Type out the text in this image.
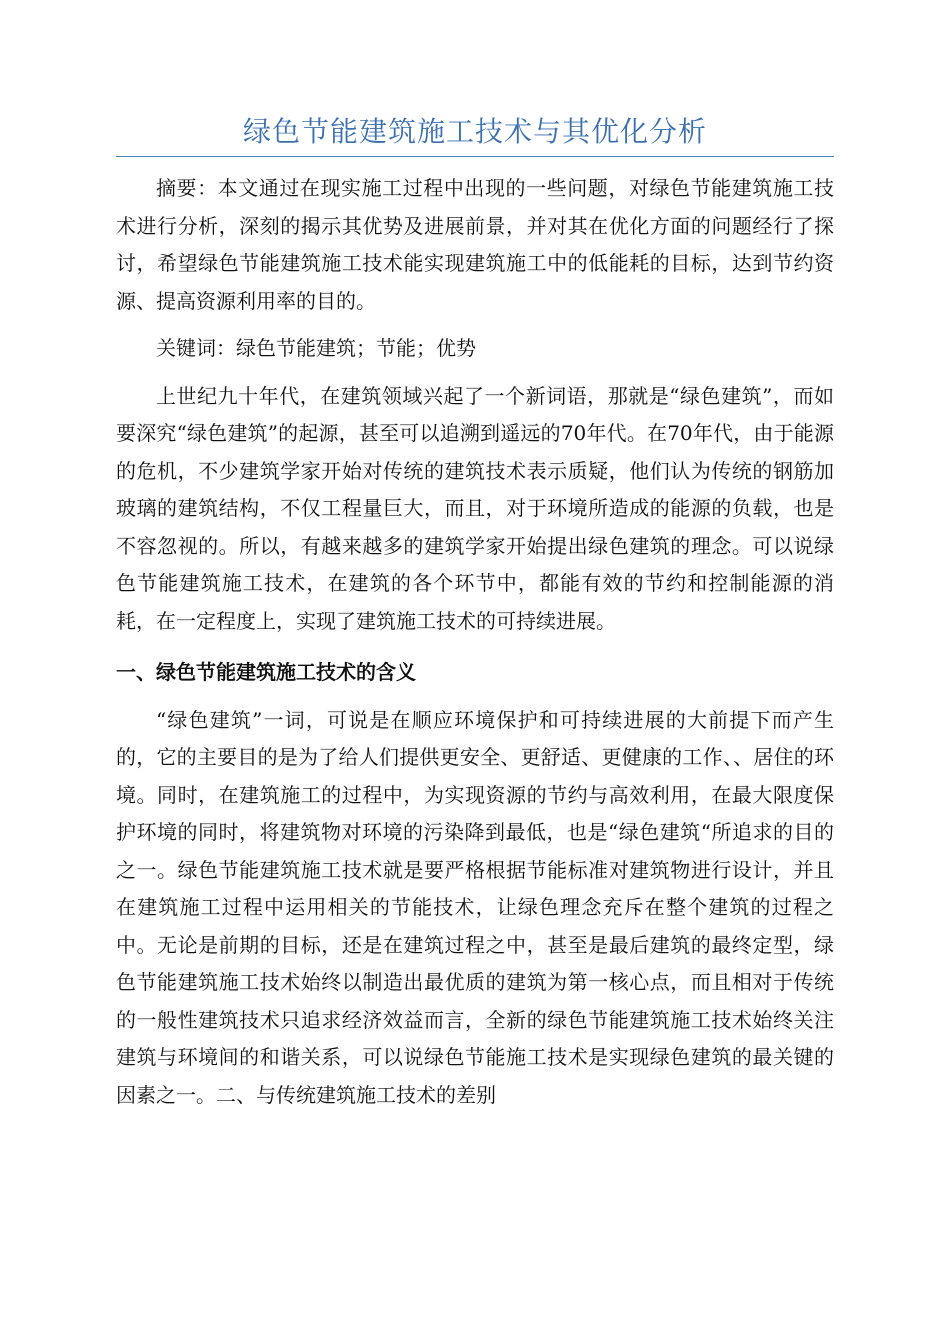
绿色节能建筑施工技术与其优化分析

摘要：本文通过在现实施工过程中出现的一些问题，对绿色节能建筑施工技术进行分析，深刻的揭示其优势及进展前景，并对其在优化方面的问题经行了探讨，希望绿色节能建筑施工技术能实现建筑施工中的低能耗的目标，达到节约资源、提高资源利用率的目的。

关键词：绿色节能建筑；节能；优势

上世纪九十年代，在建筑领域兴起了一个新词语，那就是“绿色建筑”，而如要深究“绿色建筑”的起源，甚至可以追溯到遥远的70年代。在70年代，由于能源的危机，不少建筑学家开始对传统的建筑技术表示质疑，他们认为传统的钢筋加玻璃的建筑结构，不仅工程量巨大，而且，对于环境所造成的能源的负载，也是不容忽视的。所以，有越来越多的建筑学家开始提出绿色建筑的理念。可以说绿色节能建筑施工技术，在建筑的各个环节中，都能有效的节约和控制能源的消耗，在一定程度上，实现了建筑施工技术的可持续进展。

一、绿色节能建筑施工技术的含义

“绿色建筑”一词，可说是在顺应环境保护和可持续进展的大前提下而产生的，它的主要目的是为了给人们提供更安全、更舒适、更健康的工作、、居住的环境。同时，在建筑施工的过程中，为实现资源的节约与高效利用，在最大限度保护环境的同时，将建筑物对环境的污染降到最低，也是“绿色建筑“所追求的目的之一。绿色节能建筑施工技术就是要严格根据节能标准对建筑物进行设计，并且在建筑施工过程中运用相关的节能技术，让绿色理念充斥在整个建筑的过程之中。无论是前期的目标，还是在建筑过程之中，甚至是最后建筑的最终定型，绿色节能建筑施工技术始终以制造出最优质的建筑为第一核心点，而且相对于传统的一般性建筑技术只追求经济效益而言，全新的绿色节能建筑施工技术始终关注建筑与环境间的和谐关系，可以说绿色节能施工技术是实现绿色建筑的最关键的因素之一。二、与传统建筑施工技术的差别
